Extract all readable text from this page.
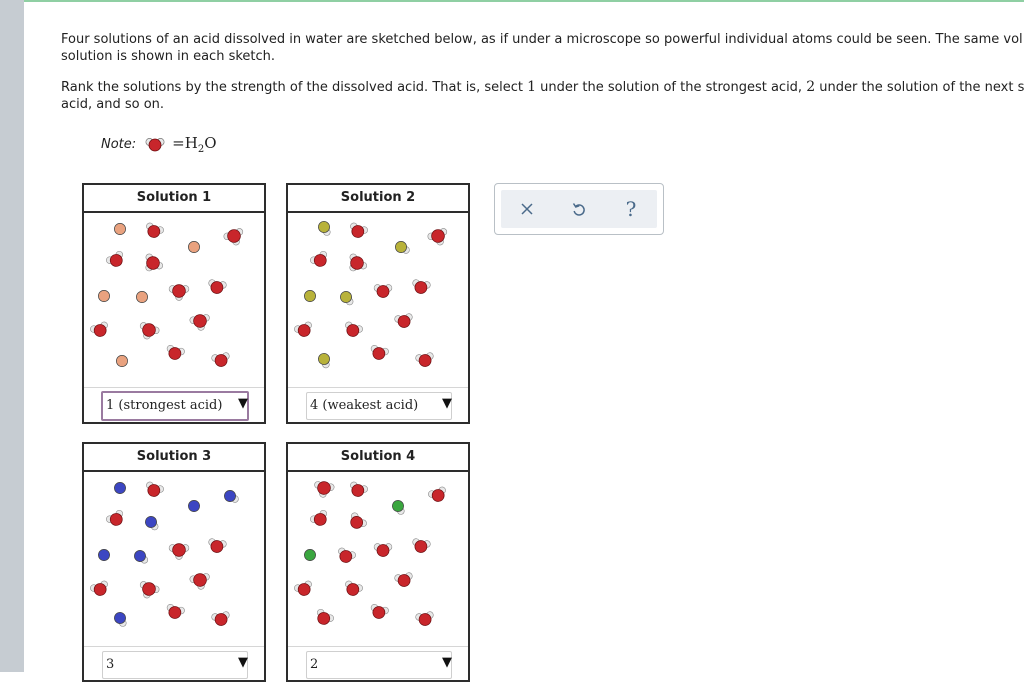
Four solutions of an acid dissolved in water are sketched below, as if under a microscope so powerful individual atoms could be seen. The same vol
solution is shown in each sketch.
Rank the solutions by the strength of the dissolved acid. That is, select 1 under the solution of the strongest acid, 2 under the solution of the next s
acid, and so on.
Note: $=H_2O$
Solution 1
1 (strongest acid) ▼
Solution 2
4 (weakest acid) ▼
Solution 3
3	▼
Solution 4
2	▼
?
